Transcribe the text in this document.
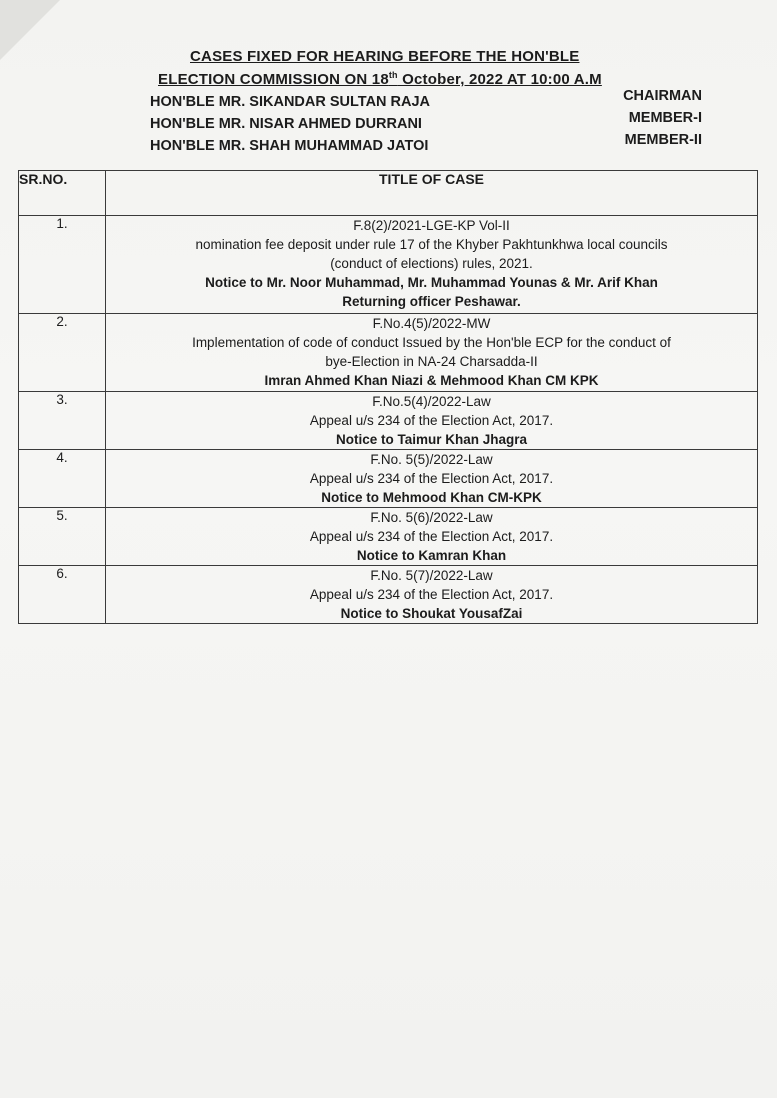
CASES FIXED FOR HEARING BEFORE THE HON'BLE
ELECTION COMMISSION ON 18th October, 2022 AT 10:00 A.M
HON'BLE MR. SIKANDAR SULTAN RAJA	CHAIRMAN
HON'BLE MR. NISAR AHMED DURRANI	MEMBER-I
HON'BLE MR. SHAH MUHAMMAD JATOI	MEMBER-II
SR.NO.	TITLE OF CASE
1.	F.8(2)/2021-LGE-KP Vol-II
nomination fee deposit under rule 17 of the Khyber Pakhtunkhwa local councils
(conduct of elections) rules, 2021.
Notice to Mr. Noor Muhammad, Mr. Muhammad Younas & Mr. Arif Khan
Returning officer Peshawar.

2.	F.No.4(5)/2022-MW
Implementation of code of conduct Issued by the Hon'ble ECP for the conduct of
bye-Election in NA-24 Charsadda-II
Imran Ahmed Khan Niazi & Mehmood Khan CM KPK

3.	F.No.5(4)/2022-Law
Appeal u/s 234 of the Election Act, 2017.
Notice to Taimur Khan Jhagra

4.	F.No. 5(5)/2022-Law
Appeal u/s 234 of the Election Act, 2017.
Notice to Mehmood Khan CM-KPK

5.	F.No. 5(6)/2022-Law
Appeal u/s 234 of the Election Act, 2017.
Notice to Kamran Khan

6.	F.No. 5(7)/2022-Law
Appeal u/s 234 of the Election Act, 2017.
Notice to Shoukat YousafZai
